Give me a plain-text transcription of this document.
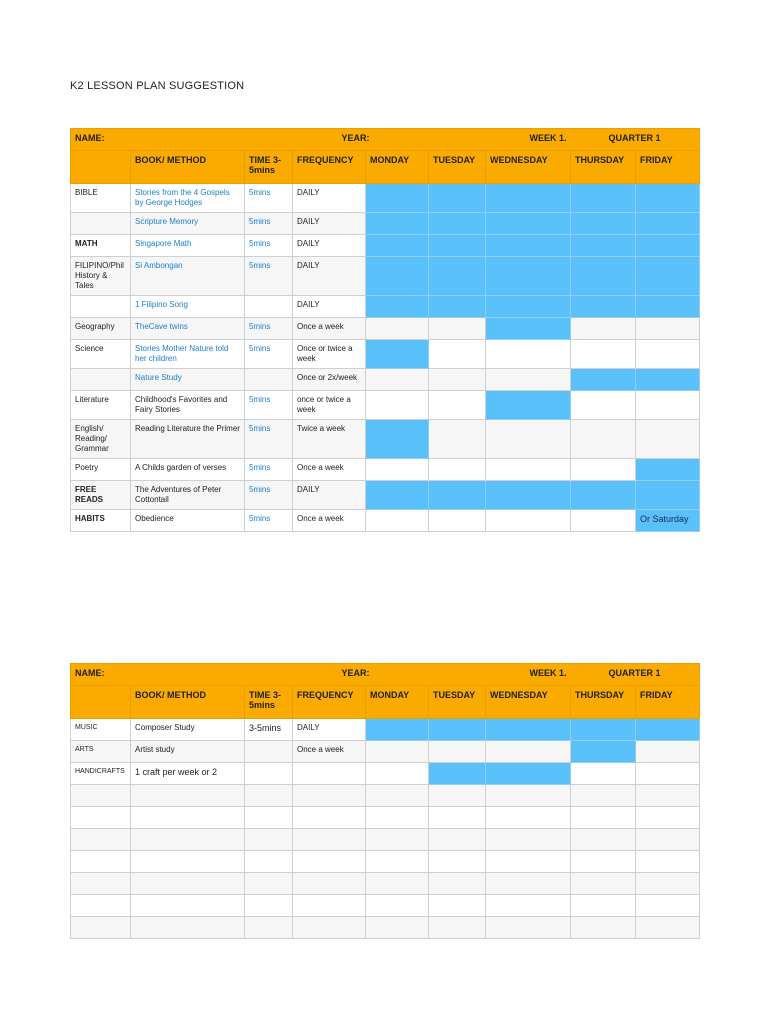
K2 LESSON PLAN SUGGESTION
NAME:				YEAR:		WEEK 1.	QUARTER 1	
	BOOK/ METHOD	TIME 3-5mins	FREQUENCY	MONDAY	TUESDAY	WEDNESDAY	THURSDAY	FRIDAY
BIBLE	Stories from the 4 Gospels by George Hodges	5mins	DAILY					
	Scripture Memory	5mins	DAILY					
MATH	Singapore Math	5mins	DAILY					
FILIPINO/Phil History & Tales	Si Ambongan	5mins	DAILY					
	1 Filipino Song		DAILY					
Geography	TheCave twins	5mins	Once a week					
Science	Stories Mother Nature told her children	5mins	Once or twice a week					
	Nature Study		Once or 2x/week					
Literature	Childhood's Favorites and Fairy Stories	5mins	once or twice a week					
English/ Reading/ Grammar	Reading Literature the Primer	5mins	Twice a week					
Poetry	A Childs garden of verses	5mins	Once a week					
FREE READS	The Adventures of Peter Cottontail	5mins	DAILY					
HABITS	Obedience	5mins	Once a week					Or Saturday
NAME:				YEAR:		WEEK 1.	QUARTER 1	
	BOOK/ METHOD	TIME 3-5mins	FREQUENCY	MONDAY	TUESDAY	WEDNESDAY	THURSDAY	FRIDAY
MUSIC	Composer Study	3-5mins	DAILY					
ARTS	Artist study		Once a week					
HANDICRAFTS	1 craft per week or 2							
